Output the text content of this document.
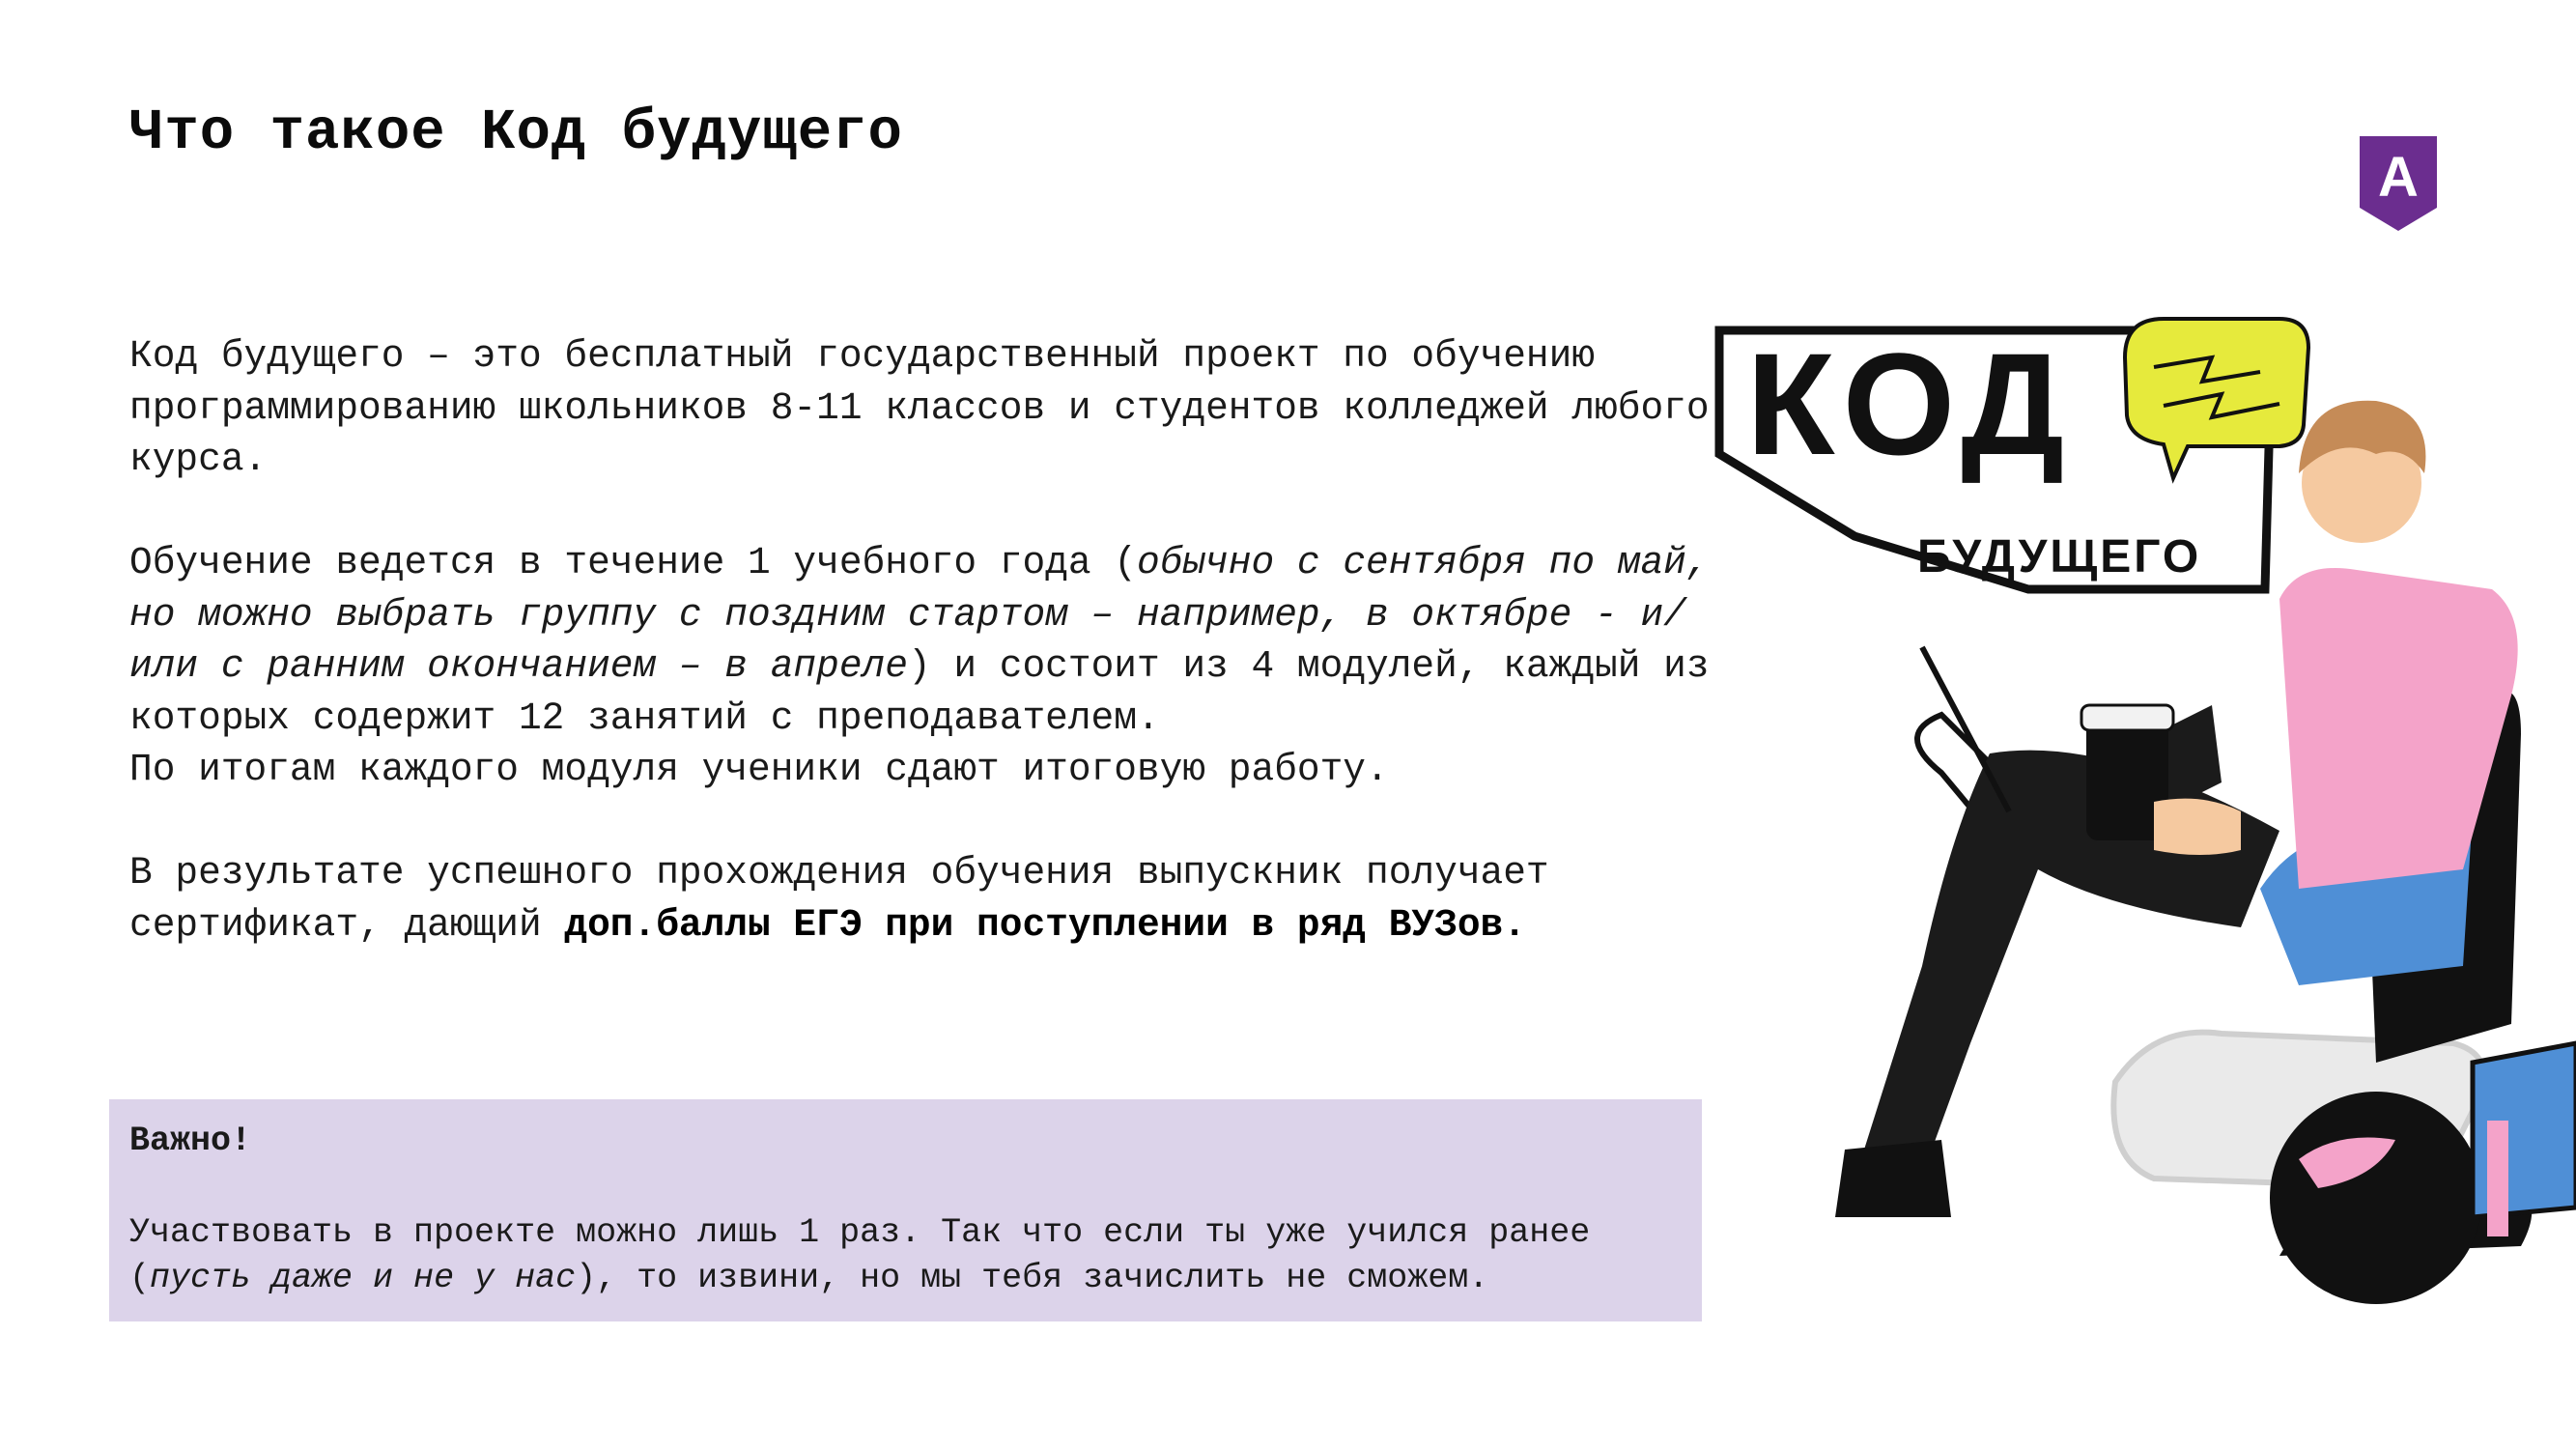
Что такое Код будущего
А

Код будущего – это бесплатный государственный проект по обучению программированию школьников 8-11 классов и студентов колледжей любого курса.

Обучение ведется в течение 1 учебного года (обычно с сентября по май, но можно выбрать группу с поздним стартом – например, в октябре - и/или с ранним окончанием – в апреле) и состоит из 4 модулей, каждый из которых содержит 12 занятий с преподавателем.

По итогам каждого модуля ученики сдают итоговую работу.

В результате успешного прохождения обучения выпускник получает сертификат, дающий доп.баллы ЕГЭ при поступлении в ряд ВУЗов.

Важно!

Участвовать в проекте можно лишь 1 раз. Так что если ты уже учился ранее (пусть даже и не у нас), то извини, но мы тебя зачислить не сможем.

КОД
БУДУЩЕГО
